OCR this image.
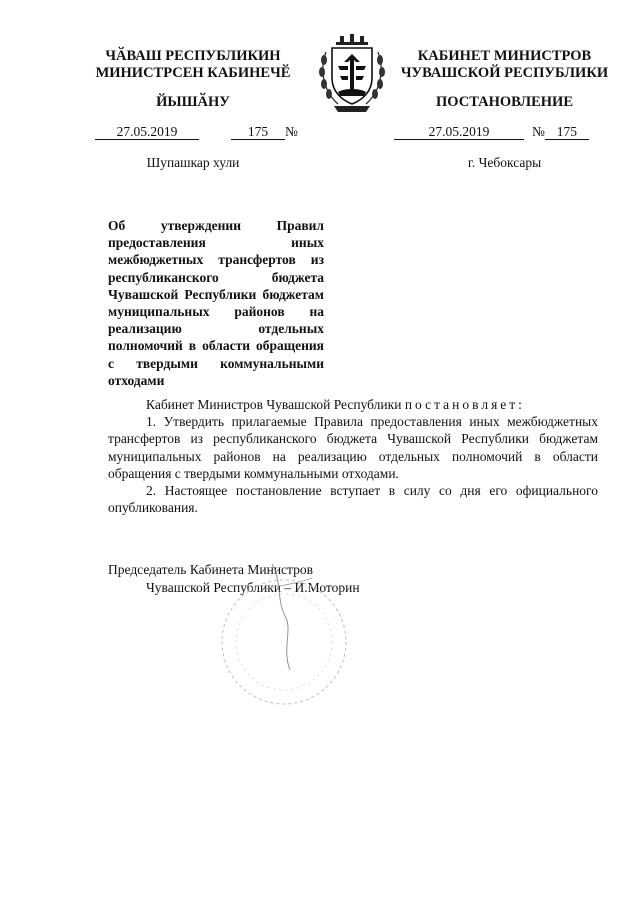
ЧӐВАШ РЕСПУБЛИКИН
МИНИСТРСЕН КАБИНЕЧӖ
ЙЫШӐНУ
КАБИНЕТ МИНИСТРОВ
ЧУВАШСКОЙ РЕСПУБЛИКИ
ПОСТАНОВЛЕНИЕ
27.05.2019	175 №	27.05.2019	№ 175
Шупашкар хули	г. Чебоксары
Об утверждении Правил предоставления иных межбюджетных трансфертов из республиканского бюджета Чувашской Республики бюджетам муниципальных районов на реализацию отдельных полномочий в области обращения с твердыми коммунальными отходами

Кабинет Министров Чувашской Республики постановляет:

1. Утвердить прилагаемые Правила предоставления иных межбюджетных трансфертов из республиканского бюджета Чувашской Республики бюджетам муниципальных районов на реализацию отдельных полномочий в области обращения с твердыми коммунальными отходами.

2. Настоящее постановление вступает в силу со дня его официального опубликования.

Председатель Кабинета Министров
Чувашской Республики – И.Моторин
